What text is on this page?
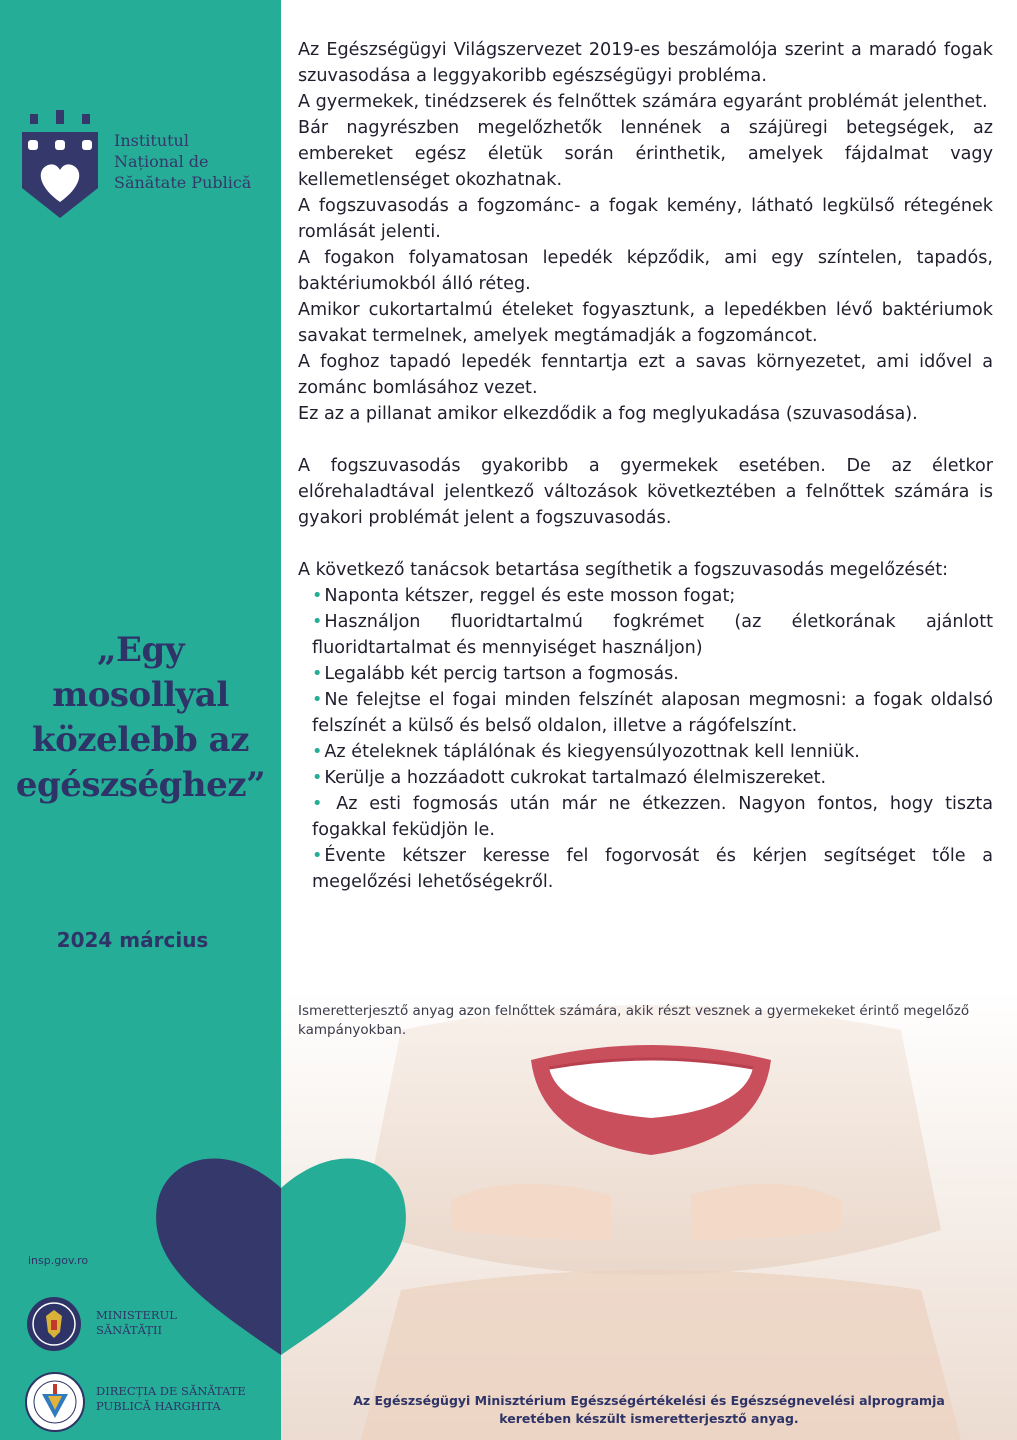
Institutul
Național de
Sănătate Publică
„Egy
mosollyal
közelebb az
egészséghez”
2024 március
insp.gov.ro
MINISTERUL
SĂNĂTĂȚII
DIRECȚIA DE SĂNĂTATE
PUBLICĂ HARGHITA

Az Egészségügyi Világszervezet 2019-es beszámolója szerint a maradó fogak szuvasodása a leggyakoribb egészségügyi probléma.

A gyermekek, tinédzserek és felnőttek számára egyaránt problémát jelenthet.

Bár nagyrészben megelőzhetők lennének a szájüregi betegségek, az embereket egész életük során érinthetik, amelyek fájdalmat vagy kellemetlenséget okozhatnak.

A fogszuvasodás a fogzománc- a fogak kemény, látható legkülső rétegének romlását jelenti.

A fogakon folyamatosan lepedék képződik, ami egy színtelen, tapadós, baktériumokból álló réteg.

Amikor cukortartalmú ételeket fogyasztunk, a lepedékben lévő baktériumok savakat termelnek, amelyek megtámadják a fogzománcot.

A foghoz tapadó lepedék fenntartja ezt a savas környezetet, ami idővel a zománc bomlásához vezet.

Ez az a pillanat amikor elkezdődik a fog meglyukadása (szuvasodása).

A fogszuvasodás gyakoribb a gyermekek esetében. De az életkor előrehaladtával jelentkező változások következtében a felnőttek számára is gyakori problémát jelent a fogszuvasodás.

A következő tanácsok betartása segíthetik a fogszuvasodás megelőzését:

• Naponta kétszer, reggel és este mosson fogat;

• Használjon fluoridtartalmú fogkrémet (az életkorának ajánlott fluoridtartalmat és mennyiséget használjon)

• Legalább két percig tartson a fogmosás.

• Ne felejtse el fogai minden felszínét alaposan megmosni: a fogak oldalsó felszínét a külső és belső oldalon, illetve a rágófelszínt.

• Az ételeknek táplálónak és kiegyensúlyozottnak kell lenniük.

• Kerülje a hozzáadott cukrokat tartalmazó élelmiszereket.

• Az esti fogmosás után már ne étkezzen. Nagyon fontos, hogy tiszta fogakkal feküdjön le.

• Évente kétszer keresse fel fogorvosát és kérjen segítséget tőle a megelőzési lehetőségekről.

Ismeretterjesztő anyag azon felnőttek számára, akik részt vesznek a gyermekeket érintő megelőző kampányokban.
Az Egészségügyi Minisztérium Egészségértékelési és Egészségnevelési alprogramja
keretében készült ismeretterjesztő anyag.
